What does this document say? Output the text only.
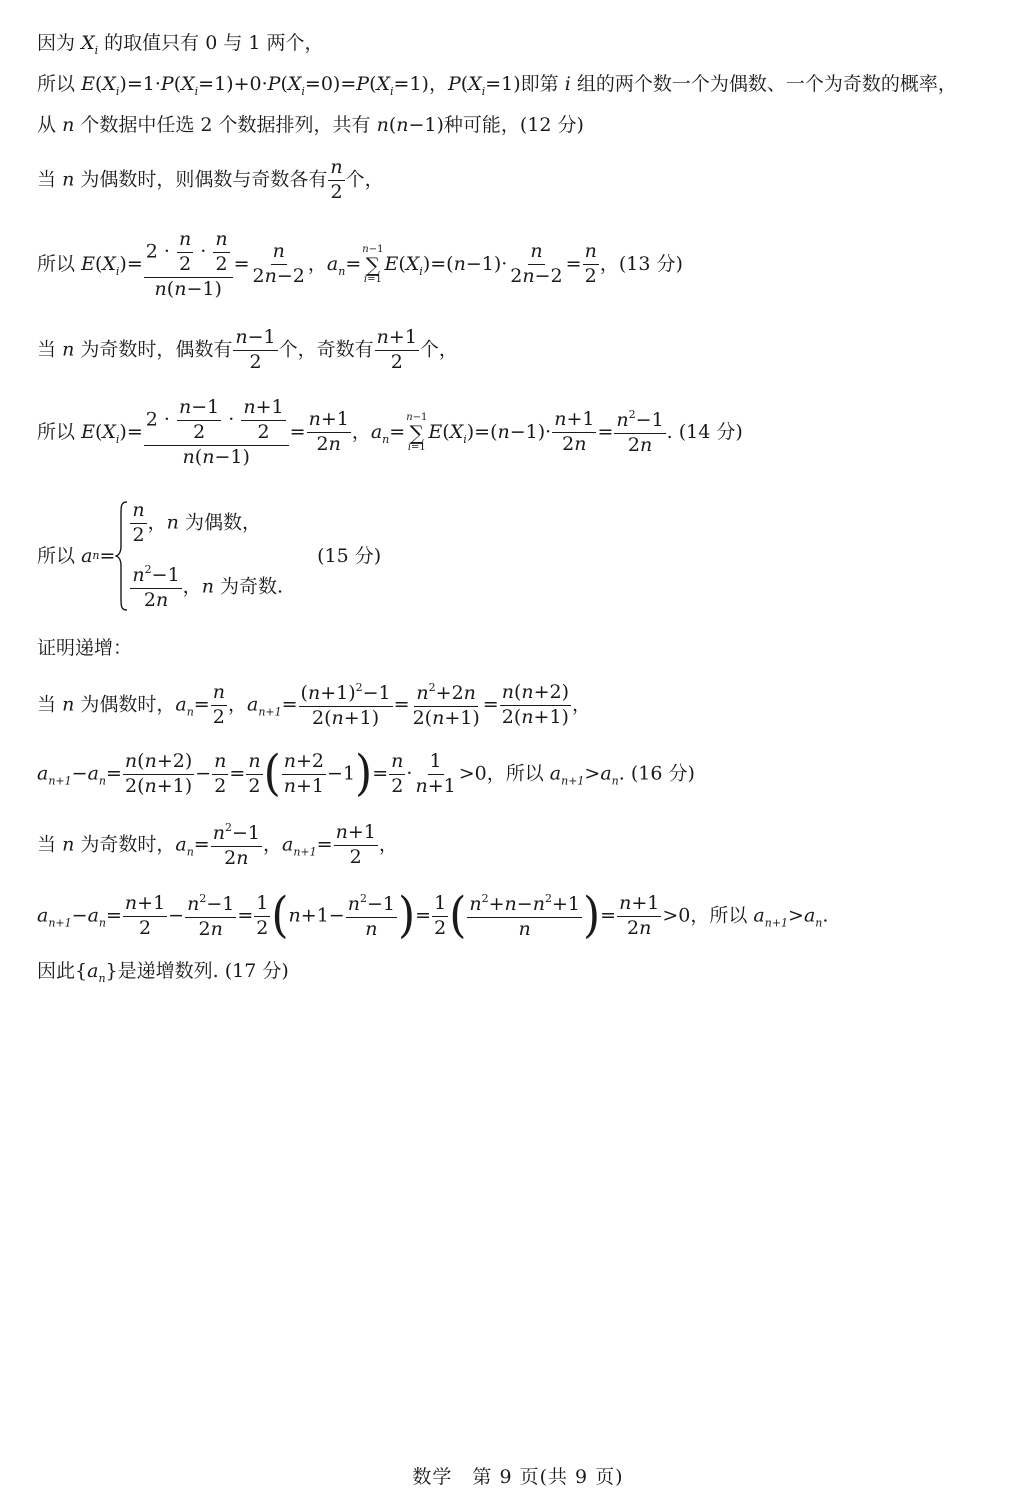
因为 $X_i$ 的取值只有 0 与 1 两个，
所以 $E(X_i)=1\cdot P(X_i=1)+0\cdot P(X_i=0)=P(X_i=1)$，$P(X_i=1)$即第 i 组的两个数一个为偶数、一个为奇数的概率，
从 n 个数据中任选 2 个数据排列，共有 n(n−1)种可能，(12 分)
当 n 为偶数时，则偶数与奇数各有 $\frac{n}{2}$ 个，
所以 $E(X_i)= \frac{2 \cdot \frac{n}{2} \cdot \frac{n}{2}}{n(n-1)} = \frac{n}{2n-2}$ ，$a_n=$
n−1
∑
i=1
$E(X_i)=(n-1)\cdot \frac{n}{2n-2} = \frac{n}{2}$ ，(13 分)
当 n 为奇数时，偶数有 $\frac{n-1}{2}$ 个，奇数有 $\frac{n+1}{2}$ 个，
所以 $E(X_i)= \frac{2 \cdot \frac{n-1}{2} \cdot \frac{n+1}{2}}{n(n-1)} = \frac{n+1}{2n}$ ，$a_n=$
n−1
∑
i=1
$E(X_i)=(n-1)\cdot \frac{n+1}{2n} = \frac{n^2-1}{2n}$ . (14 分)
所以 an=
$\frac{n}{2}$ ，n 为偶数，
$\frac{n^2-1}{2n}$ ，n 为奇数.
(15 分)
证明递增：
当 n 为偶数时，$a_n= \frac{n}{2}$ ，$a_{n+1}= \frac{(n+1)^2-1}{2(n+1)} = \frac{n^2+2n}{2(n+1)} = \frac{n(n+2)}{2(n+1)}$ ，
$a_{n+1}-a_n= \frac{n(n+2)}{2(n+1)} - \frac{n}{2} = \frac{n}{2}$ ( $\frac{n+2}{n+1} -1)= \frac{n}{2} \cdot \frac{1}{n+1} >0$，所以 $a_{n+1}>a_n$. (16 分)
当 n 为奇数时，$a_n= \frac{n^2-1}{2n}$ ，$a_{n+1}= \frac{n+1}{2}$ ，
$a_{n+1}-a_n= \frac{n+1}{2} - \frac{n^2-1}{2n} = \frac{1}{2} (n+1- \frac{n^2-1}{n}$ )= $\frac{1}{2}$ ( $\frac{n^2+n-n^2+1}{n}$ )= $\frac{n+1}{2n} >0$，所以 $a_{n+1}>a_n$.
因此$\{a_n\}$是递增数列. (17 分)
数学　第 9 页(共 9 页)
